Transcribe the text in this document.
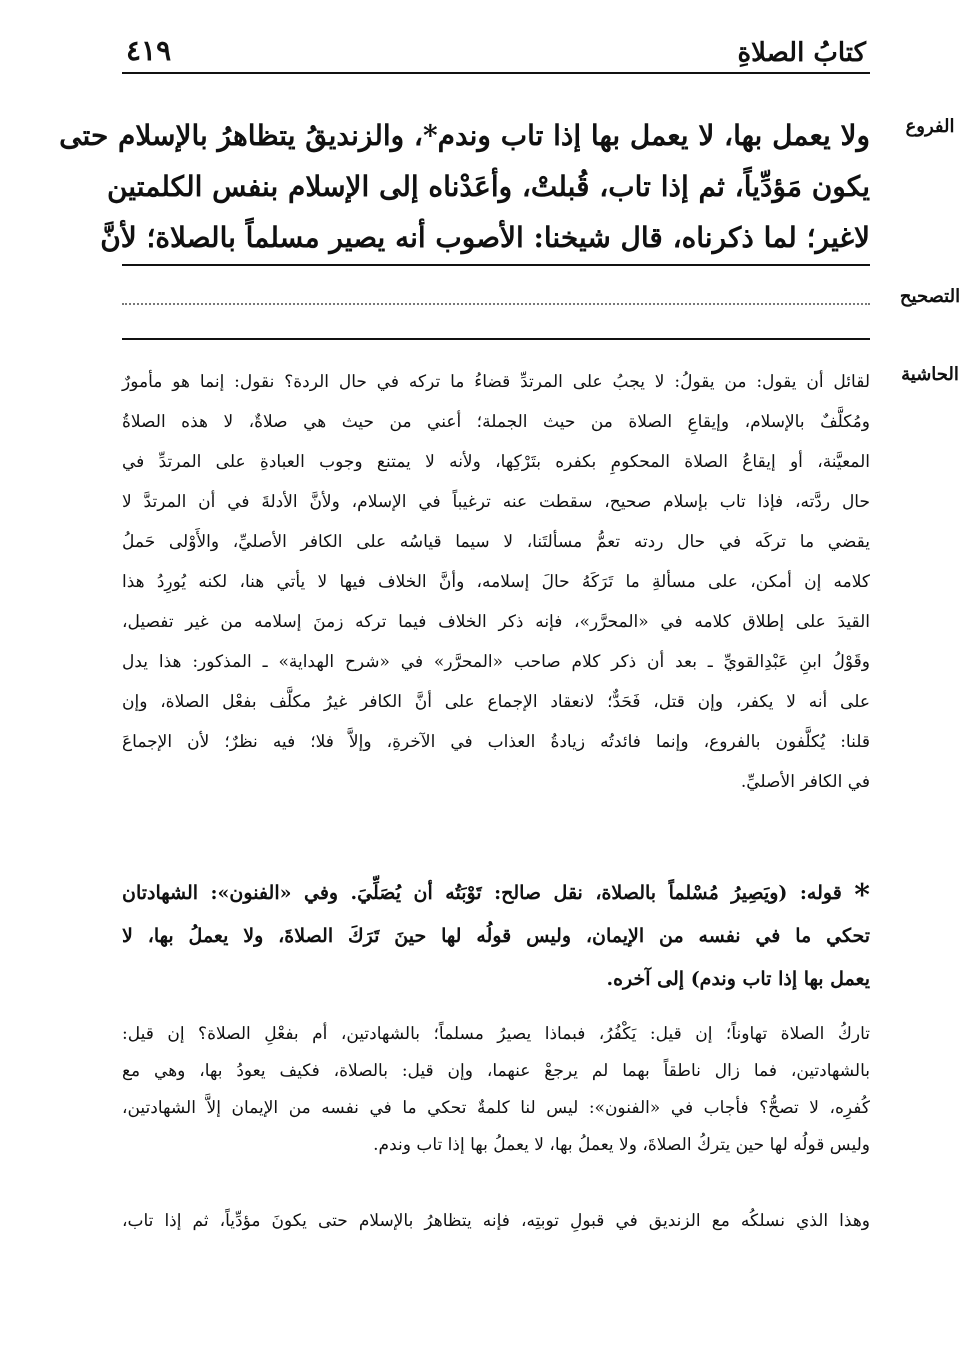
كتابُ الصلاةِ
٤١٩
الفروع
التصحيح
الحاشية
ولا يعمل بها، لا يعمل بها إذا تاب وندم*، والزنديقُ يتظاهرُ بالإسلام حتى
يكون مَؤدِّياً، ثم إذا تاب، قُبلتْ، وأعَدْناه إلى الإسلام بنفس الكلمتين
لاغير؛ لما ذكرناه، قال شيخنا: الأصوب أنه يصير مسلماً بالصلاة؛ لأنَّ
لقائل أن يقول: من يقولُ: لا يجبُ على المرتدِّ قضاءُ ما تركه في حال الردة؟ نقول: إنما هو مأمورٌ
ومُكلَّفٌ بالإسلام، وإيقاعِ الصلاة من حيث الجملة؛ أعني من حيث هي صلاةٌ، لا هذه الصلاةُ
المعيَّنة، أو إيقاعُ الصلاة المحكومِ بكفره بتَرْكِها، ولأنه لا يمتنع وجوب العبادةِ على المرتدِّ في
حال ردَّته، فإذا تاب بإسلام صحيح، سقطت عنه ترغيباً في الإسلام، ولأنَّ الأدلةَ في أن المرتدَّ لا
يقضي ما تركَه في حال ردته تعمُّ مسألتَنا، لا سيما قياسُه على الكافر الأصليِّ، والأَوْلى حَملُ
كلامه إن أمكن، على مسألةِ ما تَرَكَهُ حالَ إسلامه، وأنَّ الخلاف فيها لا يأتي هنا، لكنه يُورِدُ هذا
القيدَ على إطلاق كلامه في «المحرَّر»، فإنه ذكر الخلاف فيما تركه زمنَ إسلامه من غير تفصيل،
وقَوْلُ ابنِ عَبْدِالقويِّ ـ بعد أن ذكر كلام صاحب «المحرَّر» في «شرح الهداية» ـ المذكور: هذا يدل
على أنه لا يكفر، وإن قتل، فَحَدٌّ؛ لانعقاد الإجماع على أنَّ الكافر غيرُ مكلَّف بفعْل الصلاة، وإن
قلنا: يُكلَّفون بالفروع، وإنما فائدتُه زيادةُ العذاب في الآخرةِ، وإلاَّ فلا؛ فيه نظرٌ؛ لأن الإجماعَ
في الكافر الأصليِّ.
* قوله: (ويَصِيرُ مُسْلماً بالصلاة، نقل صالح: تَوْبَتُه أن يُصَلِّيَ. وفي «الفنون»: الشهادتان
تحكي ما في نفسه من الإيمان، وليس قولُه لها حينَ تَرَكَ الصلاةَ، ولا يعملُ بها، لا
يعمل بها إذا تاب وندم) إلى آخره.
تاركُ الصلاة تهاوناً؛ إن قيل: يَكْفُرُ، فبماذا يصيرُ مسلماً؛ بالشهادتين، أم بفعْلِ الصلاة؟ إن قيل:
بالشهادتين، فما زال ناطقاً بهما لم يرجعْ عنهما، وإن قيل: بالصلاة، فكيف يعودُ بها، وهي مع
كُفرِه، لا تصحُّ؟ فأجاب في «الفنون»: ليس لنا كلمةٌ تحكي ما في نفسه من الإيمان إلاَّ الشهادتين،
وليس قولُه لها حين يتركُ الصلاةَ، ولا يعملُ بها، لا يعملُ بها إذا تاب وندم.
وهذا الذي نسلكُه مع الزنديق في قبولِ توبتِه، فإنه يتظاهرُ بالإسلام حتى يكونَ مؤدِّياً، ثم إذا تاب،
